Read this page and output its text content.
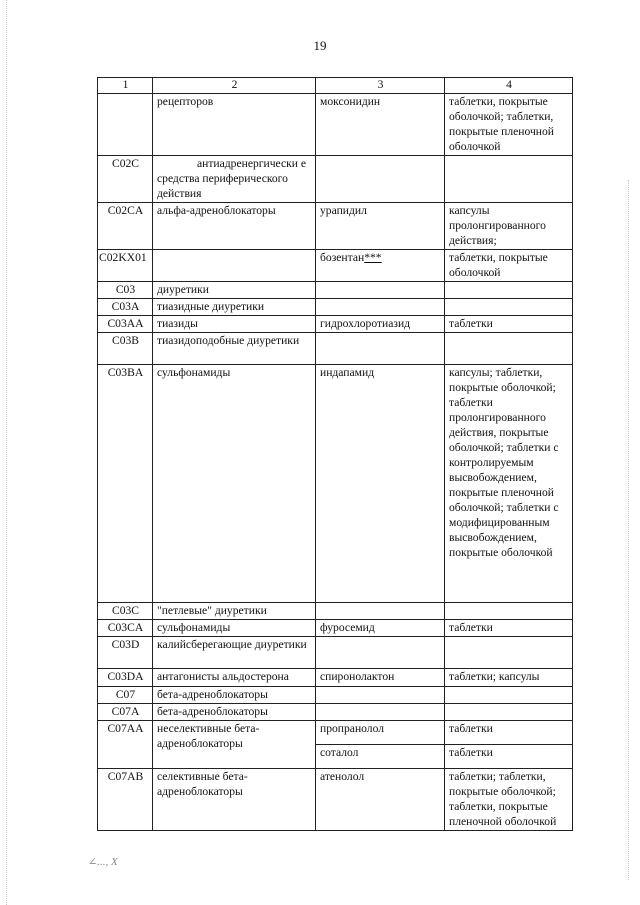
19
1	2	3	4
	рецепторов	моксонидин	таблетки, покрытые оболочкой; таблетки, покрытые пленочной оболочкой
C02C	антиадренергически е средства периферического действия		

C02CA	альфа-адреноблокаторы	урапидил	капсулы пролонгированного действия;
C02KX01		бозентан***	таблетки, покрытые оболочкой
C03	диуретики		
C03A	тиазидные диуретики		
C03AA	тиазиды	гидрохлоротиазид	таблетки
C03B	тиазидоподобные диуретики		
C03BA	сульфонамиды	индапамид	капсулы; таблетки, покрытые оболочкой; таблетки пролонгированного действия, покрытые оболочкой; таблетки с контролируемым высвобождением, покрытые пленочной оболочкой; таблетки с модифицированным высвобождением, покрытые оболочкой
C03C	"петлевые" диуретики		
C03CA	сульфонамиды	фуросемид	таблетки
C03D	калийсберегающие диуретики		
C03DA	антагонисты альдостерона	спиронолактон	таблетки; капсулы
C07	бета-адреноблокаторы		
C07A	бета-адреноблокаторы		
C07AA	неселективные бета-адреноблокаторы	пропранолол	таблетки
		соталол	таблетки
C07AB	селективные бета-адреноблокаторы	атенолол	таблетки; таблетки, покрытые оболочкой; таблетки, покрытые пленочной оболочкой
∠..., X
